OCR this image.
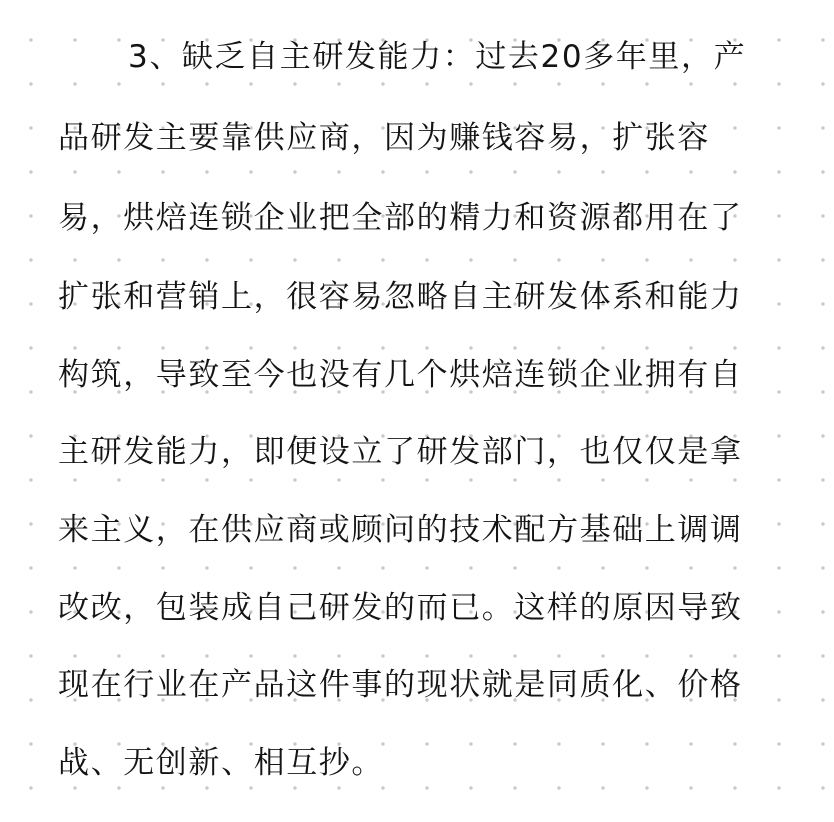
3、缺乏自主研发能力：过去20多年里，产

品研发主要靠供应商，因为赚钱容易，扩张容

易，烘焙连锁企业把全部的精力和资源都用在了

扩张和营销上，很容易忽略自主研发体系和能力

构筑，导致至今也没有几个烘焙连锁企业拥有自

主研发能力，即便设立了研发部门，也仅仅是拿

来主义，在供应商或顾问的技术配方基础上调调

改改，包装成自己研发的而已。这样的原因导致

现在行业在产品这件事的现状就是同质化、价格

战、无创新、相互抄。
